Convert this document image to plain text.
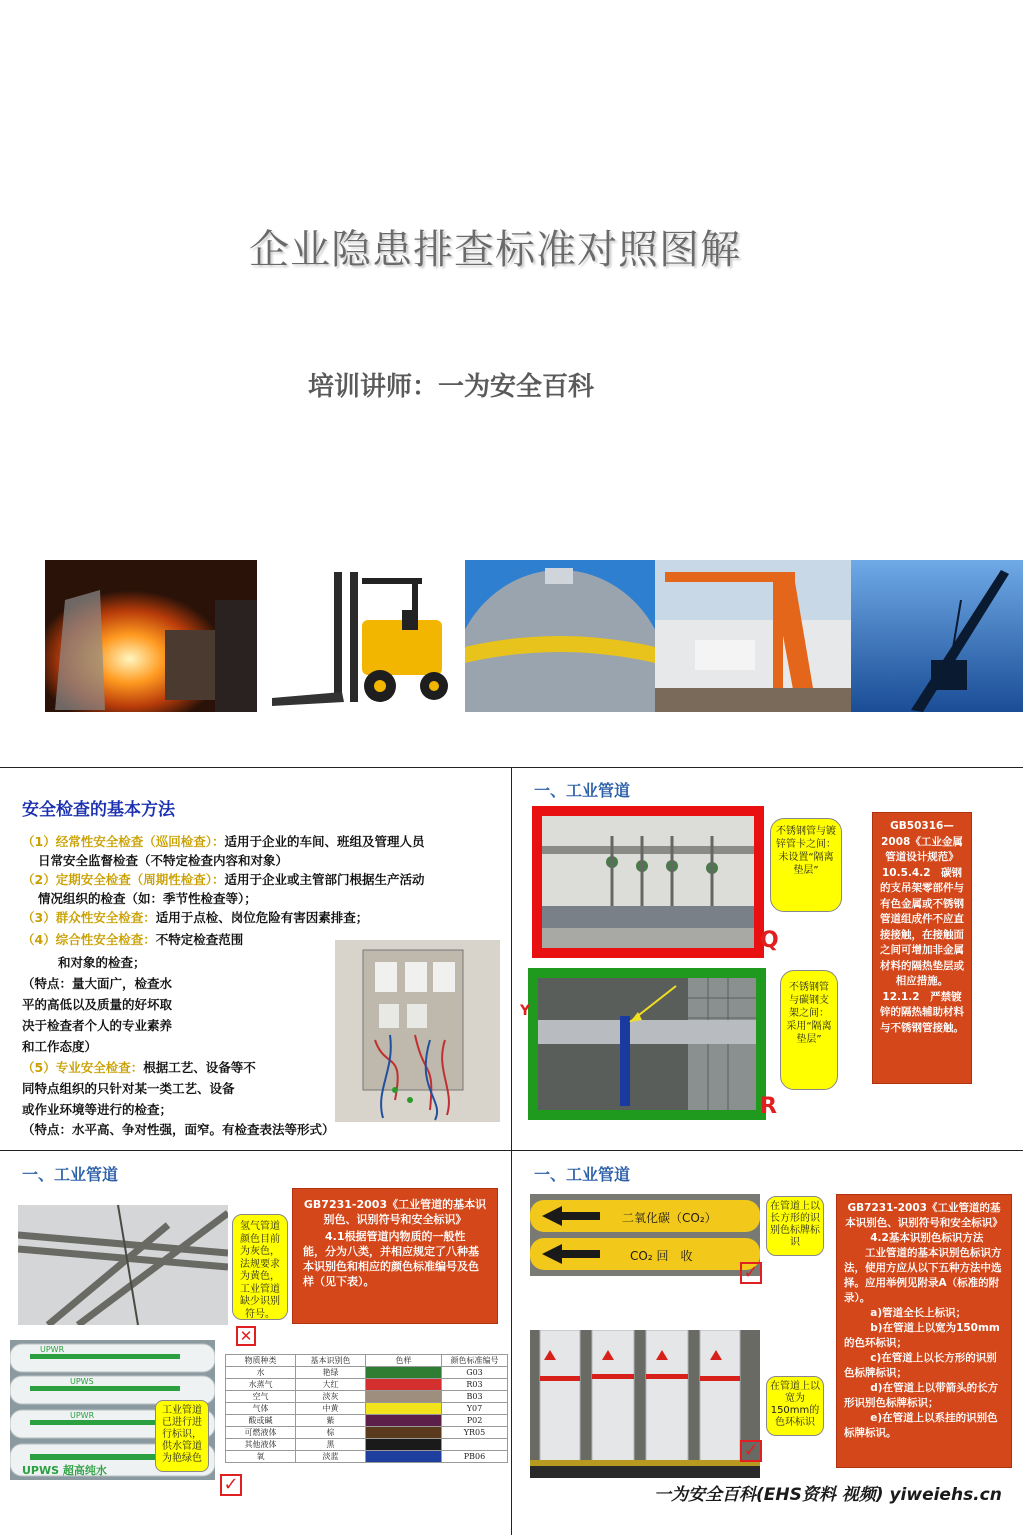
企业隐患排查标准对照图解
培训讲师：一为安全百科
安全检查的基本方法
（1）经常性安全检查（巡回检查）：适用于企业的车间、班组及管理人员
日常安全监督检查（不特定检查内容和对象）
（2）定期安全检查（周期性检查）：适用于企业或主管部门根据生产活动
情况组织的检查（如：季节性检查等）；
（3）群众性安全检查：适用于点检、岗位危险有害因素排查；
（4）综合性安全检查：不特定检查范围
和对象的检查；
（特点：量大面广，检查水
平的高低以及质量的好坏取
决于检查者个人的专业素养
和工作态度）
（5）专业安全检查：根据工艺、设备等不
同特点组织的只针对某一类工艺、设备
或作业环境等进行的检查；
（特点：水平高、争对性强，面窄。有检查表法等形式）
一、工业管道
不锈钢管与镀锌管卡之间：未设置“隔离垫层”
Q
Y
不锈钢管与碳钢支架之间：采用“隔离垫层”
R
GB50316—2008《工业金属管道设计规范》10.5.4.2　碳钢的支吊架零部件与有色金属或不锈钢管道组成件不应直接接触，在接触面之间可增加非金属材料的隔热垫层或相应措施。12.1.2　严禁镀锌的隔热辅助材料与不锈钢管接触。
一、工业管道
氢气管道颜色目前为灰色，法规要求为黄色，工业管道缺少识别符号。
✕
GB7231-2003《工业管道的基本识别色、识别符号和安全标识》
4.1根据管道内物质的一般性能，分为八类，并相应规定了八种基本识别色和相应的颜色标准编号及色样（见下表）。
UPWR
UPWS
UPWR
UPWS 超高纯水
工业管道已进行进行标识，供水管道为艳绿色
✓
物质种类	基本识别色	色样	颜色标准编号
水	艳绿		G03
水蒸气	大红		R03
空气	淡灰		B03
气体	中黄		Y07
酸或碱	紫		P02
可燃液体	棕		YR05
其他液体	黑		
氧	淡蓝		PB06
一、工业管道
二氧化碳（CO₂）
CO₂ 回　收
在管道上以长方形的识别色标牌标识
✓
在管道上以宽为150mm的色环标识
✓
GB7231-2003《工业管道的基本识别色、识别符号和安全标识》
4.2基本识别色标识方法
工业管道的基本识别色标识方法，使用方应从以下五种方法中选择。应用举例见附录A（标准的附录）。
a)管道全长上标识；
b)在管道上以宽为150mm的色环标识；
c)在管道上以长方形的识别色标牌标识；
d)在管道上以带箭头的长方形识别色标牌标识；
e)在管道上以系挂的识别色标牌标识。
一为安全百科(EHS资料 视频) yiweiehs.cn
